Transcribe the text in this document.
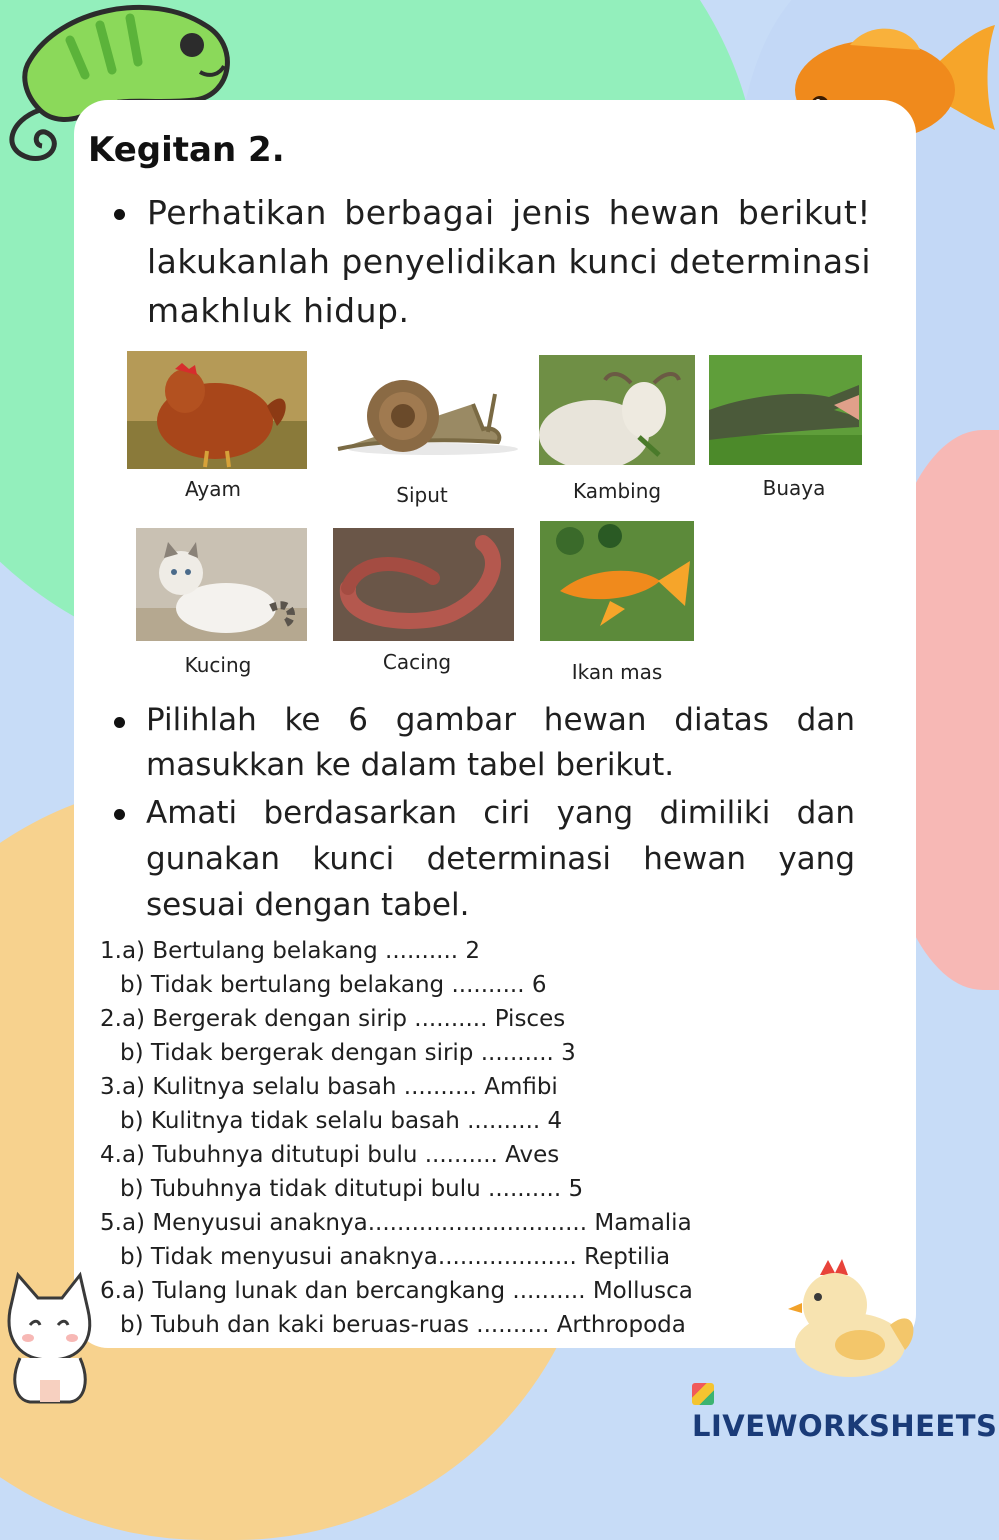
Kegitan 2.
Perhatikan berbagai jenis hewan berikut! lakukanlah penyelidikan kunci determinasi makhluk hidup.

Ayam	Siput	Kambing	Buaya

Kucing	Cacing	Ikan mas

Pilihlah ke 6 gambar hewan diatas dan masukkan ke dalam tabel berikut.
Amati berdasarkan ciri yang dimiliki dan gunakan kunci determinasi hewan yang sesuai dengan tabel.
1.a) Bertulang belakang .......... 2
b) Tidak bertulang belakang .......... 6
2.a) Bergerak dengan sirip .......... Pisces
b) Tidak bergerak dengan sirip .......... 3
3.a) Kulitnya selalu basah .......... Amfibi
b) Kulitnya tidak selalu basah .......... 4
4.a) Tubuhnya ditutupi bulu .......... Aves
b) Tubuhnya tidak ditutupi bulu .......... 5
5.a) Menyusui anaknya.............................. Mamalia
b) Tidak menyusui anaknya................... Reptilia
6.a) Tulang lunak dan bercangkang .......... Mollusca
b) Tubuh dan kaki beruas-ruas .......... Arthropoda
LIVEWORKSHEETS
